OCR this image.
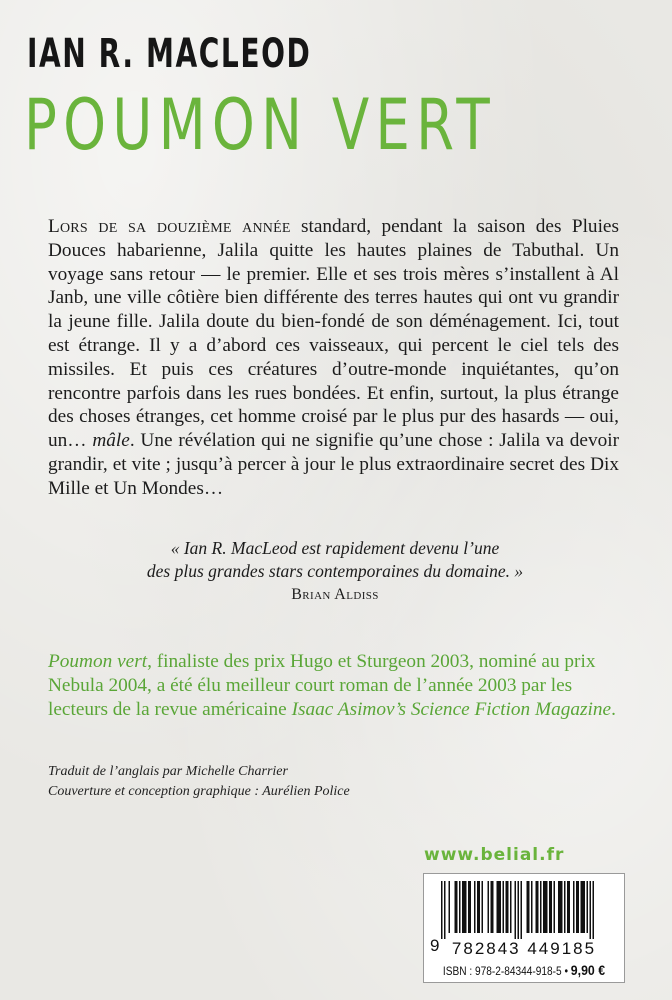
IAN R. MACLEOD
POUMON VERT

Lors de sa douzième année standard, pendant la saison des Pluies Douces habarienne, Jalila quitte les hautes plaines de Tabuthal. Un voyage sans retour — le premier. Elle et ses trois mères s’installent à Al Janb, une ville côtière bien différente des terres hautes qui ont vu grandir la jeune fille. Jalila doute du bien-fondé de son déménagement. Ici, tout est étrange. Il y a d’abord ces vaisseaux, qui percent le ciel tels des missiles. Et puis ces créatures d’outre-monde inquiétantes, qu’on rencontre parfois dans les rues bondées. Et enfin, surtout, la plus étrange des choses étranges, cet homme croisé par le plus pur des hasards — oui, un… mâle. Une révélation qui ne signifie qu’une chose : Jalila va devoir grandir, et vite ; jusqu’à percer à jour le plus extraordinaire secret des Dix Mille et Un Mondes…

« Ian R. MacLeod est rapidement devenu l’une
des plus grandes stars contemporaines du domaine. »
Brian Aldiss

Poumon vert, finaliste des prix Hugo et Sturgeon 2003, nominé au prix Nebula 2004, a été élu meilleur court roman de l’année 2003 par les lecteurs de la revue américaine Isaac Asimov’s Science Fiction Magazine.

Traduit de l’anglais par Michelle Charrier
Couverture et conception graphique : Aurélien Police
www.belial.fr
9 782843 449185
ISBN : 978-2-84344-918-5 • 9,90 €
